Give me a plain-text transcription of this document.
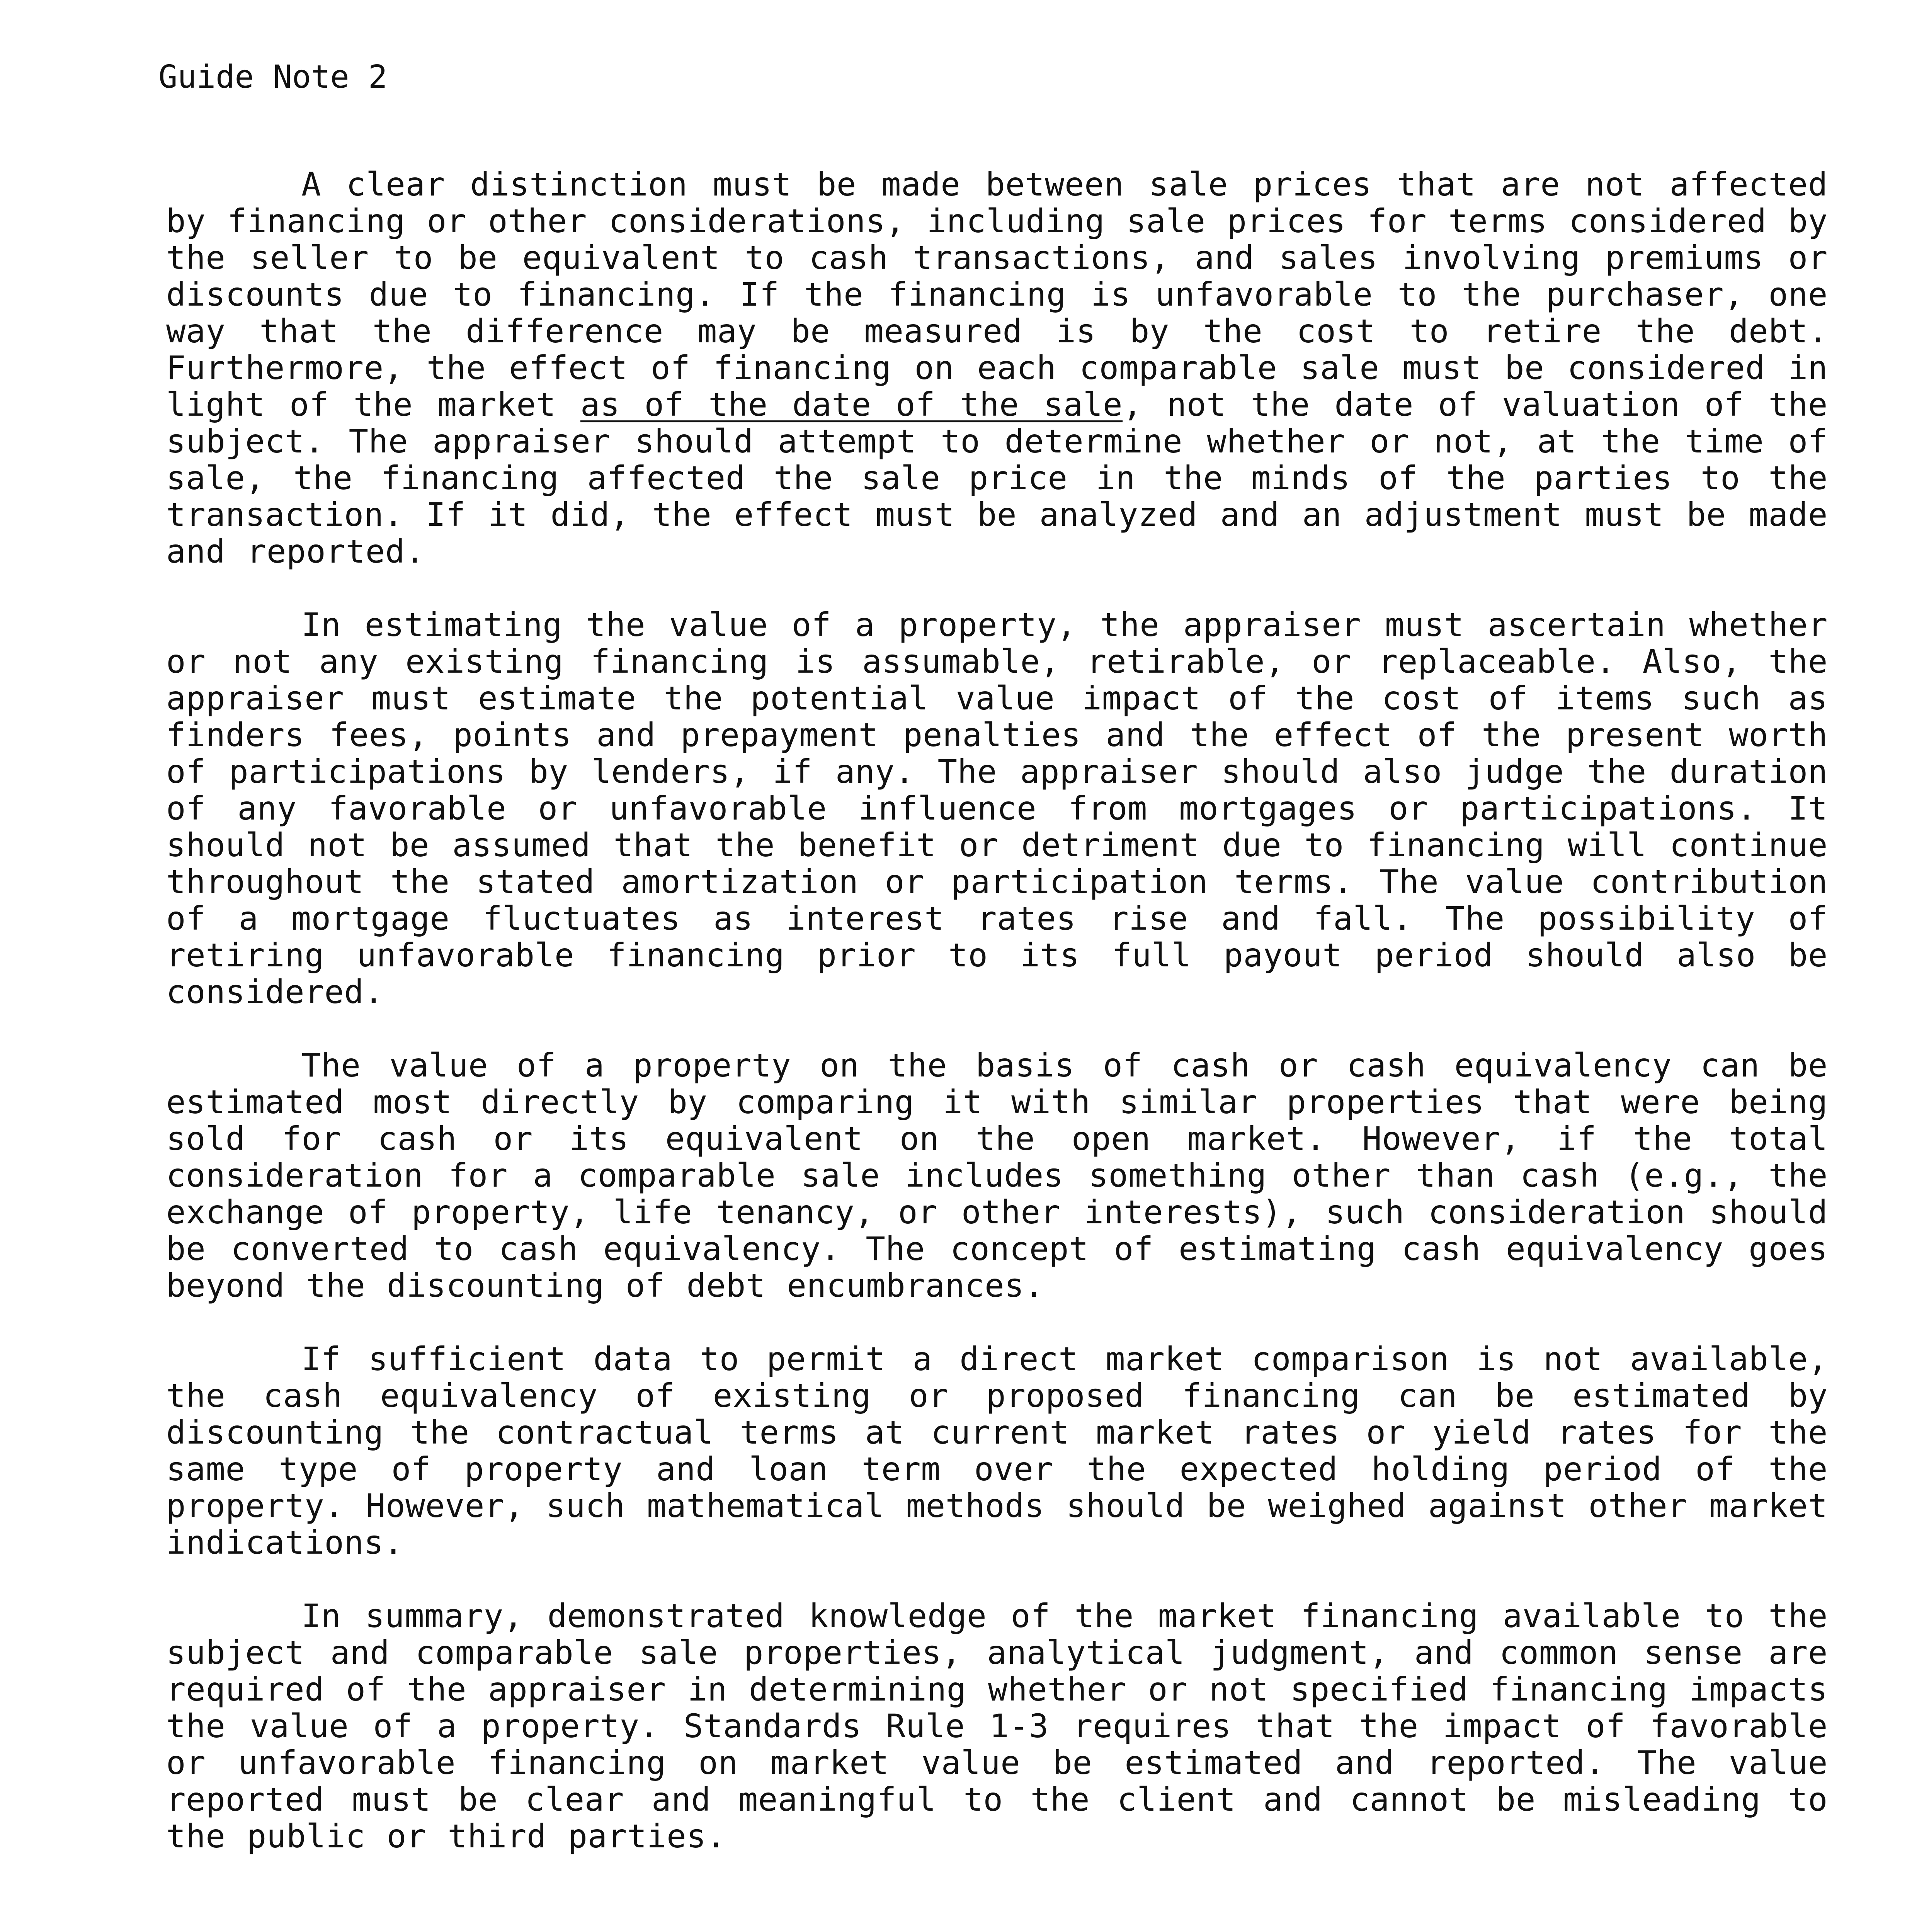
Guide Note 2

A clear distinction must be made between sale prices that are not affected by financing or other considerations, including sale prices for terms considered by the seller to be equivalent to cash transactions, and sales involving premiums or discounts due to financing. If the financing is unfavorable to the purchaser, one way that the difference may be measured is by the cost to retire the debt. Furthermore, the effect of financing on each comparable sale must be considered in light of the market as of the date of the sale, not the date of valuation of the subject. The appraiser should attempt to determine whether or not, at the time of sale, the financing affected the sale price in the minds of the parties to the transaction. If it did, the effect must be analyzed and an adjustment must be made and reported.

In estimating the value of a property, the appraiser must ascertain whether or not any existing financing is assumable, retirable, or replaceable. Also, the appraiser must estimate the potential value impact of the cost of items such as finders fees, points and prepayment penalties and the effect of the present worth of participations by lenders, if any. The appraiser should also judge the duration of any favorable or unfavorable influence from mortgages or participations. It should not be assumed that the benefit or detriment due to financing will continue throughout the stated amortization or participation terms. The value contribution of a mortgage fluctuates as interest rates rise and fall. The possibility of retiring unfavorable financing prior to its full payout period should also be considered.

The value of a property on the basis of cash or cash equivalency can be estimated most directly by comparing it with similar properties that were being sold for cash or its equivalent on the open market. However, if the total consideration for a comparable sale includes something other than cash (e.g., the exchange of property, life tenancy, or other interests), such consideration should be converted to cash equivalency. The concept of estimating cash equivalency goes beyond the discounting of debt encumbrances.

If sufficient data to permit a direct market comparison is not available, the cash equivalency of existing or proposed financing can be estimated by discounting the contractual terms at current market rates or yield rates for the same type of property and loan term over the expected holding period of the property. However, such mathematical methods should be weighed against other market indications.

In summary, demonstrated knowledge of the market financing available to the subject and comparable sale properties, analytical judgment, and common sense are required of the appraiser in determining whether or not specified financing impacts the value of a property. Standards Rule 1-3 requires that the impact of favorable or unfavorable financing on market value be estimated and reported. The value reported must be clear and meaningful to the client and cannot be misleading to the public or third parties.
